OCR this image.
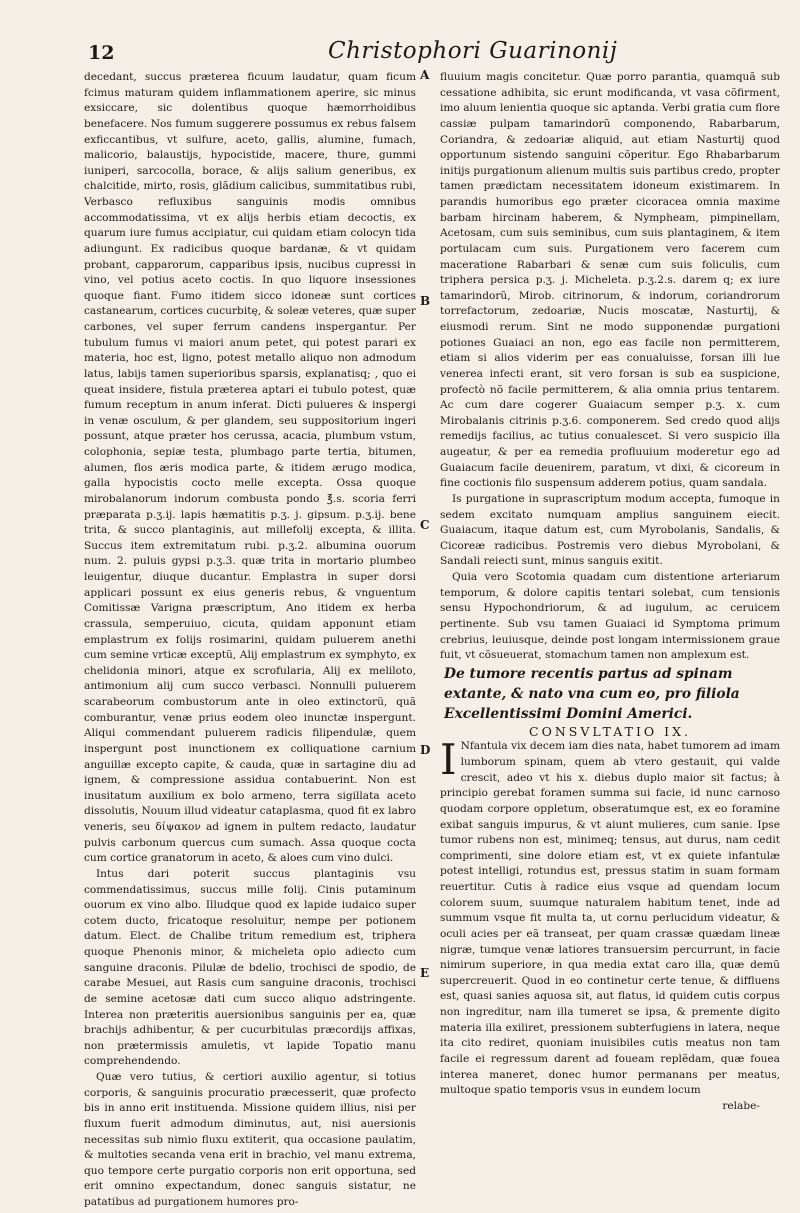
12	Christophori Guarinonij
A
B
C
D
E

decedant, succus præterea ficuum laudatur, quam ficum fcimus maturam quidem inflammationem aperire, sic minus exsiccare, sic dolentibus quoque hæmorrhoidibus benefacere. Nos fumum suggerere possumus ex rebus falsem exficcantibus, vt sulfure, aceto, gallis, alumine, fumach, malicorio, balaustijs, hypocistide, macere, thure, gummi iuniperi, sarcocolla, borace, & alijs salium generibus, ex chalcitide, mirto, rosis, glãdium calicibus, summitatibus rubi, Verbasco refluxibus sanguinis modis omnibus accommodatissima, vt ex alijs herbis etiam decoctis, ex quarum iure fumus accipiatur, cui quidam etiam colocyn tida adiungunt. Ex radicibus quoque bardanæ, & vt quidam probant, capparorum, capparibus ipsis, nucibus cupressi in vino, vel potius aceto coctis. In quo liquore insessiones quoque fiant. Fumo itidem sicco idoneæ sunt cortices castanearum, cortices cucurbitę, & soleæ veteres, quæ super carbones, vel super ferrum candens inspergantur. Per tubulum fumus vi maiori anum petet, qui potest parari ex materia, hoc est, ligno, potest metallo aliquo non admodum latus, labijs tamen superioribus sparsis, explanatisq; , quo ei queat insidere, fistula præterea aptari ei tubulo potest, quæ fumum receptum in anum inferat. Dicti pulueres & inspergi in venæ osculum, & per glandem, seu suppositorium ingeri possunt, atque præter hos cerussa, acacia, plumbum vstum, colophonia, sepiæ testa, plumbago parte tertia, bitumen, alumen, flos æris modica parte, & itidem ærugo modica, galla hypocistis cocto melle excepta. Ossa quoque mirobalanorum indorum combusta pondo ℥.s. scoria ferri præparata p.ʒ.ij. lapis hæmatitis p.ʒ. j. gipsum. p.ʒ.ij. bene trita, & succo plantaginis, aut millefolij excepta, & illita. Succus item extremitatum rubi. p.ʒ.2. albumina ouorum num. 2. puluis gypsi p.ʒ.3. quæ trita in mortario plumbeo leuigentur, diuque ducantur. Emplastra in super dorsi applicari possunt ex eius generis rebus, & vnguentum Comitissæ Varigna præscriptum, Ano itidem ex herba crassula, semperuiuo, cicuta, quidam apponunt etiam emplastrum ex folijs rosimarini, quidam puluerem anethi cum semine vrticæ exceptũ, Alij emplastrum ex symphyto, ex chelidonia minori, atque ex scrofularia, Alij ex meliloto, antimonium alij cum succo verbasci. Nonnulli puluerem scarabeorum combustorum ante in oleo extinctorũ, quã comburantur, venæ prius eodem oleo inunctæ inspergunt. Aliqui commendant puluerem radicis filipendulæ, quem inspergunt post inunctionem ex colliquatione carnium anguillæ excepto capite, & cauda, quæ in sartagine diu ad ignem, & compressione assidua contabuerint. Non est inusitatum auxilium ex bolo armeno, terra sigillata aceto dissolutis, Nouum illud videatur cataplasma, quod fit ex labro veneris, seu δίψακον ad ignem in pultem redacto, laudatur pulvis carbonum quercus cum sumach. Assa quoque cocta cum cortice granatorum in aceto, & aloes cum vino dulci.

Intus dari poterit succus plantaginis vsu commendatissimus, succus mille folij. Cinis putaminum ouorum ex vino albo. Illudque quod ex lapide iudaico super cotem ducto, fricatoque resoluitur, nempe per potionem datum. Elect. de Chalibe tritum remedium est, triphera quoque Phenonis minor, & micheleta opio adiecto cum sanguine draconis. Pilulæ de bdelio, trochisci de spodio, de carabe Mesuei, aut Rasis cum sanguine draconis, trochisci de semine acetosæ dati cum succo aliquo adstringente. Interea non præteritis auersionibus sanguinis per ea, quæ brachijs adhibentur, & per cucurbitulas præcordijs affixas, non prætermissis amuletis, vt lapide Topatio manu comprehendendo.

Quæ vero tutius, & certiori auxilio agentur, si totius corporis, & sanguinis procuratio præcesserit, quæ profecto bis in anno erit instituenda. Missione quidem illius, nisi per fluxum fuerit admodum diminutus, aut, nisi auersionis necessitas sub nimio fluxu extiterit, qua occasione paulatim, & multoties secanda vena erit in brachio, vel manu extrema, quo tempore certe purgatio corporis non erit opportuna, sed erit omnino expectandum, donec sanguis sistatur, ne patatibus ad purgationem humores pro-

fluuium magis concitetur. Quæ porro parantia, quamquã sub cessatione adhibita, sic erunt modificanda, vt vasa cõfirment, imo aluum lenientia quoque sic aptanda. Verbi gratia cum flore cassiæ pulpam tamarindorũ componendo, Rabarbarum, Coriandra, & zedoariæ aliquid, aut etiam Nasturtij quod opportunum sistendo sanguini cõperitur. Ego Rhabarbarum initijs purgationum alienum multis suis partibus credo, propter tamen prædictam necessitatem idoneum existimarem. In parandis humoribus ego præter cicoracea omnia maxime barbam hircinam haberem, & Nympheam, pimpinellam, Acetosam, cum suis seminibus, cum suis plantaginem, & item portulacam cum suis. Purgationem vero facerem cum maceratione Rabarbari & senæ cum suis foliculis, cum triphera persica p.ʒ. j. Micheleta. p.ʒ.2.s. darem q; ex iure tamarindorũ, Mirob. citrinorum, & indorum, coriandrorum torrefactorum, zedoariæ, Nucis moscatæ, Nasturtij, & eiusmodi rerum. Sint ne modo supponendæ purgationi potiones Guaiaci an non, ego eas facile non permitterem, etiam si alios viderim per eas conualuisse, forsan illi lue venerea infecti erant, sit vero forsan is sub ea suspicione, profectò nõ facile permitterem, & alia omnia prius tentarem. Ac cum dare cogerer Guaiacum semper p.ʒ. x. cum Mirobalanis citrinis p.ʒ.6. componerem. Sed credo quod alijs remedijs facilius, ac tutius conualescet. Si vero suspicio illa augeatur, & per ea remedia profluuium moderetur ego ad Guaiacum facile deuenirem, paratum, vt dixi, & cicoreum in fine coctionis filo suspensum adderem potius, quam sandala.

Is purgatione in suprascriptum modum accepta, fumoque in sedem excitato numquam amplius sanguinem eiecit. Guaiacum, itaque datum est, cum Myrobolanis, Sandalis, & Cicoreæ radicibus. Postremis vero diebus Myrobolani, & Sandali reiecti sunt, minus sanguis exitit.

Quia vero Scotomia quadam cum distentione arteriarum temporum, & dolore capitis tentari solebat, cum tensionis sensu Hypochondriorum, & ad iugulum, ac ceruicem pertinente. Sub vsu tamen Guaiaci id Symptoma primum crebrius, leuiusque, deinde post longam intermissionem graue fuit, vt cõsueuerat, stomachum tamen non amplexum est.

De tumore recentis partus ad spinam extante, & nato vna cum eo, pro filiola Excellentissimi Domini Americi.

CONSVLTATIO IX.

I Nfantula vix decem iam dies nata, habet tumorem ad imam lumborum spinam, quem ab vtero gestauit, qui valde crescit, adeo vt his x. diebus duplo maior sit factus; à principio gerebat foramen summa sui facie, id nunc carnoso quodam corpore oppletum, obseratumque est, ex eo foramine exibat sanguis impurus, & vt aiunt mulieres, cum sanie. Ipse tumor rubens non est, minimeq; tensus, aut durus, nam cedit comprimenti, sine dolore etiam est, vt ex quiete infantulæ potest intelligi, rotundus est, pressus statim in suam formam reuertitur. Cutis à radice eius vsque ad quendam locum colorem suum, suumque naturalem habitum tenet, inde ad summum vsque fit multa ta, ut cornu perlucidum videatur, & oculi acies per eã transeat, per quam crassæ quædam lineæ nigræ, tumque venæ latiores transuersim percurrunt, in facie nimirum superiore, in qua media extat caro illa, quæ demũ supercreuerit. Quod in eo continetur certe tenue, & diffluens est, quasi sanies aquosa sit, aut flatus, id quidem cutis corpus non ingreditur, nam illa tumeret se ipsa, & premente digito materia illa exiliret, pressionem subterfugiens in latera, neque ita cito rediret, quoniam inuisibiles cutis meatus non tam facile ei regressum darent ad foueam replẽdam, quæ fouea interea maneret, donec humor permanans per meatus, multoque spatio temporis vsus in eundem locum

relabe-
